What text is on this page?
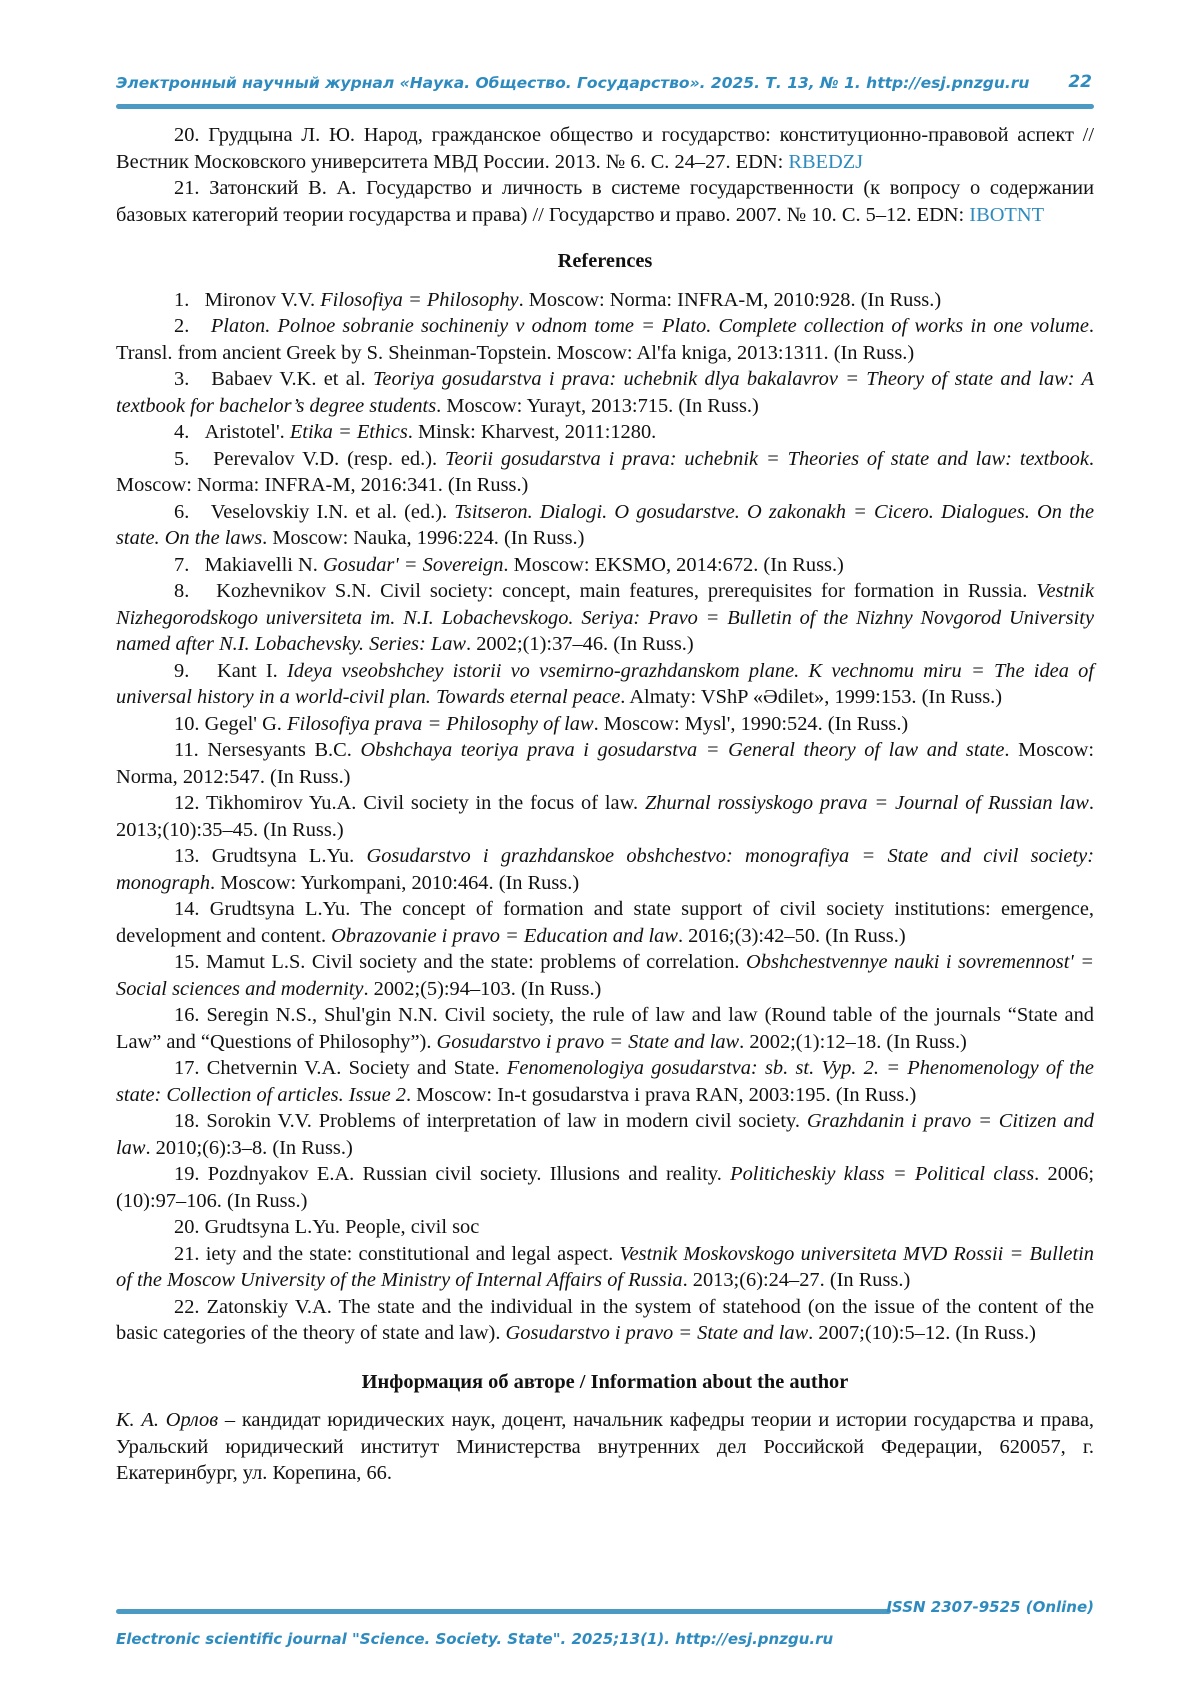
Электронный научный журнал «Наука. Общество. Государство». 2025. Т. 13, № 1. http://esj.pnzgu.ru 22

20. Грудцына Л. Ю. Народ, гражданское общество и государство: конституционно-правовой аспект // Вестник Московского университета МВД России. 2013. № 6. С. 24–27. EDN: RBEDZJ

21. Затонский В. А. Государство и личность в системе государственности (к вопросу о содержании базовых категорий теории государства и права) // Государство и право. 2007. № 10. С. 5–12. EDN: IBOTNT

References

1. Mironov V.V. Filosofiya = Philosophy. Moscow: Norma: INFRA-M, 2010:928. (In Russ.)

2. Platon. Polnoe sobranie sochineniy v odnom tome = Plato. Complete collection of works in one volume. Transl. from ancient Greek by S. Sheinman-Topstein. Moscow: Al'fa kniga, 2013:1311. (In Russ.)

3. Babaev V.K. et al. Teoriya gosudarstva i prava: uchebnik dlya bakalavrov = Theory of state and law: A textbook for bachelor’s degree students. Moscow: Yurayt, 2013:715. (In Russ.)

4. Aristotel'. Etika = Ethics. Minsk: Kharvest, 2011:1280.

5. Perevalov V.D. (resp. ed.). Teorii gosudarstva i prava: uchebnik = Theories of state and law: textbook. Moscow: Norma: INFRA-M, 2016:341. (In Russ.)

6. Veselovskiy I.N. et al. (ed.). Tsitseron. Dialogi. O gosudarstve. O zakonakh = Cicero. Dialogues. On the state. On the laws. Moscow: Nauka, 1996:224. (In Russ.)

7. Makiavelli N. Gosudar' = Sovereign. Moscow: EKSMO, 2014:672. (In Russ.)

8. Kozhevnikov S.N. Civil society: concept, main features, prerequisites for formation in Russia. Vestnik Nizhegorodskogo universiteta im. N.I. Lobachevskogo. Seriya: Pravo = Bulletin of the Nizhny Novgorod University named after N.I. Lobachevsky. Series: Law. 2002;(1):37–46. (In Russ.)

9. Kant I. Ideya vseobshchey istorii vo vsemirno-grazhdanskom plane. K vechnomu miru = The idea of universal history in a world-civil plan. Towards eternal peace. Almaty: VShP «Ədilet», 1999:153. (In Russ.)

10. Gegel' G. Filosofiya prava = Philosophy of law. Moscow: Mysl', 1990:524. (In Russ.)

11. Nersesyants B.C. Obshchaya teoriya prava i gosudarstva = General theory of law and state. Moscow: Norma, 2012:547. (In Russ.)

12. Tikhomirov Yu.A. Civil society in the focus of law. Zhurnal rossiyskogo prava = Journal of Russian law. 2013;(10):35–45. (In Russ.)

13. Grudtsyna L.Yu. Gosudarstvo i grazhdanskoe obshchestvo: monografiya = State and civil society: monograph. Moscow: Yurkompani, 2010:464. (In Russ.)

14. Grudtsyna L.Yu. The concept of formation and state support of civil society institutions: emergence, development and content. Obrazovanie i pravo = Education and law. 2016;(3):42–50. (In Russ.)

15. Mamut L.S. Civil society and the state: problems of correlation. Obshchestvennye nauki i sovremennost' = Social sciences and modernity. 2002;(5):94–103. (In Russ.)

16. Seregin N.S., Shul'gin N.N. Civil society, the rule of law and law (Round table of the journals “State and Law” and “Questions of Philosophy”). Gosudarstvo i pravo = State and law. 2002;(1):12–18. (In Russ.)

17. Chetvernin V.A. Society and State. Fenomenologiya gosudarstva: sb. st. Vyp. 2. = Phenomenology of the state: Collection of articles. Issue 2. Moscow: In-t gosudarstva i prava RAN, 2003:195. (In Russ.)

18. Sorokin V.V. Problems of interpretation of law in modern civil society. Grazhdanin i pravo = Citizen and law. 2010;(6):3–8. (In Russ.)

19. Pozdnyakov E.A. Russian civil society. Illusions and reality. Politicheskiy klass = Political class. 2006;(10):97–106. (In Russ.)

20. Grudtsyna L.Yu. People, civil soc

21. iety and the state: constitutional and legal aspect. Vestnik Moskovskogo universiteta MVD Rossii = Bulletin of the Moscow University of the Ministry of Internal Affairs of Russia. 2013;(6):24–27. (In Russ.)

22. Zatonskiy V.A. The state and the individual in the system of statehood (on the issue of the content of the basic categories of the theory of state and law). Gosudarstvo i pravo = State and law. 2007;(10):5–12. (In Russ.)

Информация об авторе / Information about the author

К. А. Орлов – кандидат юридических наук, доцент, начальник кафедры теории и истории государства и права, Уральский юридический институт Министерства внутренних дел Российской Федерации, 620057, г. Екатеринбург, ул. Корепина, 66.

ISSN 2307-9525 (Online)
Electronic scientific journal "Science. Society. State". 2025;13(1). http://esj.pnzgu.ru
